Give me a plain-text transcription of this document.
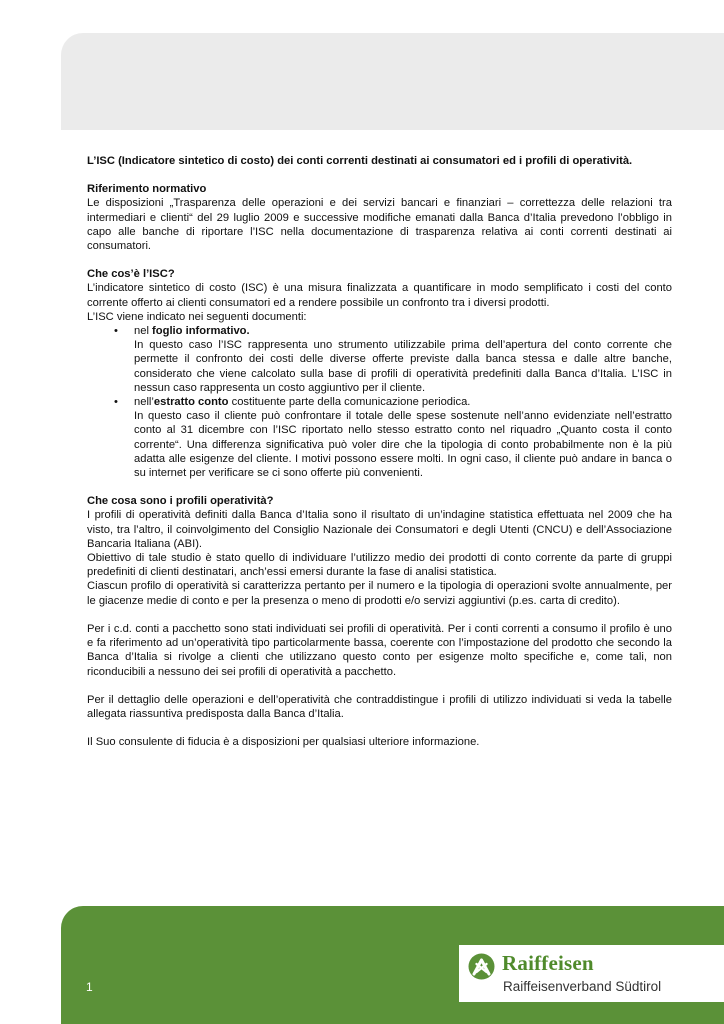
L’ISC (Indicatore sintetico di costo) dei conti correnti destinati ai consumatori ed i profili di operatività.

Riferimento normativo

Le disposizioni „Trasparenza delle operazioni e dei servizi bancari e finanziari – correttezza delle relazioni tra intermediari e clienti“ del 29 luglio 2009 e successive modifiche emanati dalla Banca d’Italia prevedono l’obbligo in capo alle banche di riportare l’ISC nella documentazione di trasparenza relativa ai conti correnti destinati ai consumatori.

Che cos’è l’ISC?

L’indicatore sintetico di costo (ISC) è una misura finalizzata a quantificare in modo semplificato i costi del conto corrente offerto ai clienti consumatori ed a rendere possibile un confronto tra i diversi prodotti.

L’ISC viene indicato nei seguenti documenti:

• nel foglio informativo.

In questo caso l’ISC rappresenta uno strumento utilizzabile prima dell’apertura del conto corrente che permette il confronto dei costi delle diverse offerte previste dalla banca stessa e dalle altre banche, considerato che viene calcolato sulla base di profili di operatività predefiniti dalla Banca d’Italia. L’ISC in nessun caso rappresenta un costo aggiuntivo per il cliente.

• nell’estratto conto costituente parte della comunicazione periodica.

In questo caso il cliente può confrontare il totale delle spese sostenute nell’anno evidenziate nell’estratto conto al 31 dicembre con l’ISC riportato nello stesso estratto conto nel riquadro „Quanto costa il conto corrente“. Una differenza significativa può voler dire che la tipologia di conto probabilmente non è la più adatta alle esigenze del cliente. I motivi possono essere molti. In ogni caso, il cliente può andare in banca o su internet per verificare se ci sono offerte più convenienti.

Che cosa sono i profili operatività?

I profili di operatività definiti dalla Banca d’Italia sono il risultato di un’indagine statistica effettuata nel 2009 che ha visto, tra l’altro, il coinvolgimento del Consiglio Nazionale dei Consumatori e degli Utenti (CNCU) e dell’Associazione Bancaria Italiana (ABI).

Obiettivo di tale studio è stato quello di individuare l’utilizzo medio dei prodotti di conto corrente da parte di gruppi predefiniti di clienti destinatari, anch’essi emersi durante la fase di analisi statistica.

Ciascun profilo di operatività si caratterizza pertanto per il numero e la tipologia di operazioni svolte annualmente, per le giacenze medie di conto e per la presenza o meno di prodotti e/o servizi aggiuntivi (p.es. carta di credito).

Per i c.d. conti a pacchetto sono stati individuati sei profili di operatività. Per i conti correnti a consumo il profilo è uno e fa riferimento ad un’operatività tipo particolarmente bassa, coerente con l’impostazione del prodotto che secondo la Banca d’Italia si rivolge a clienti che utilizzano questo conto per esigenze molto specifiche e, come tali, non riconducibili a nessuno dei sei profili di operatività a pacchetto.

Per il dettaglio delle operazioni e dell’operatività che contraddistingue i profili di utilizzo individuati si veda la tabelle allegata riassuntiva predisposta dalla Banca d’Italia.

Il Suo consulente di fiducia è a disposizioni per qualsiasi ulteriore informazione.

1
Raiffeisen
Raiffeisenverband Südtirol
